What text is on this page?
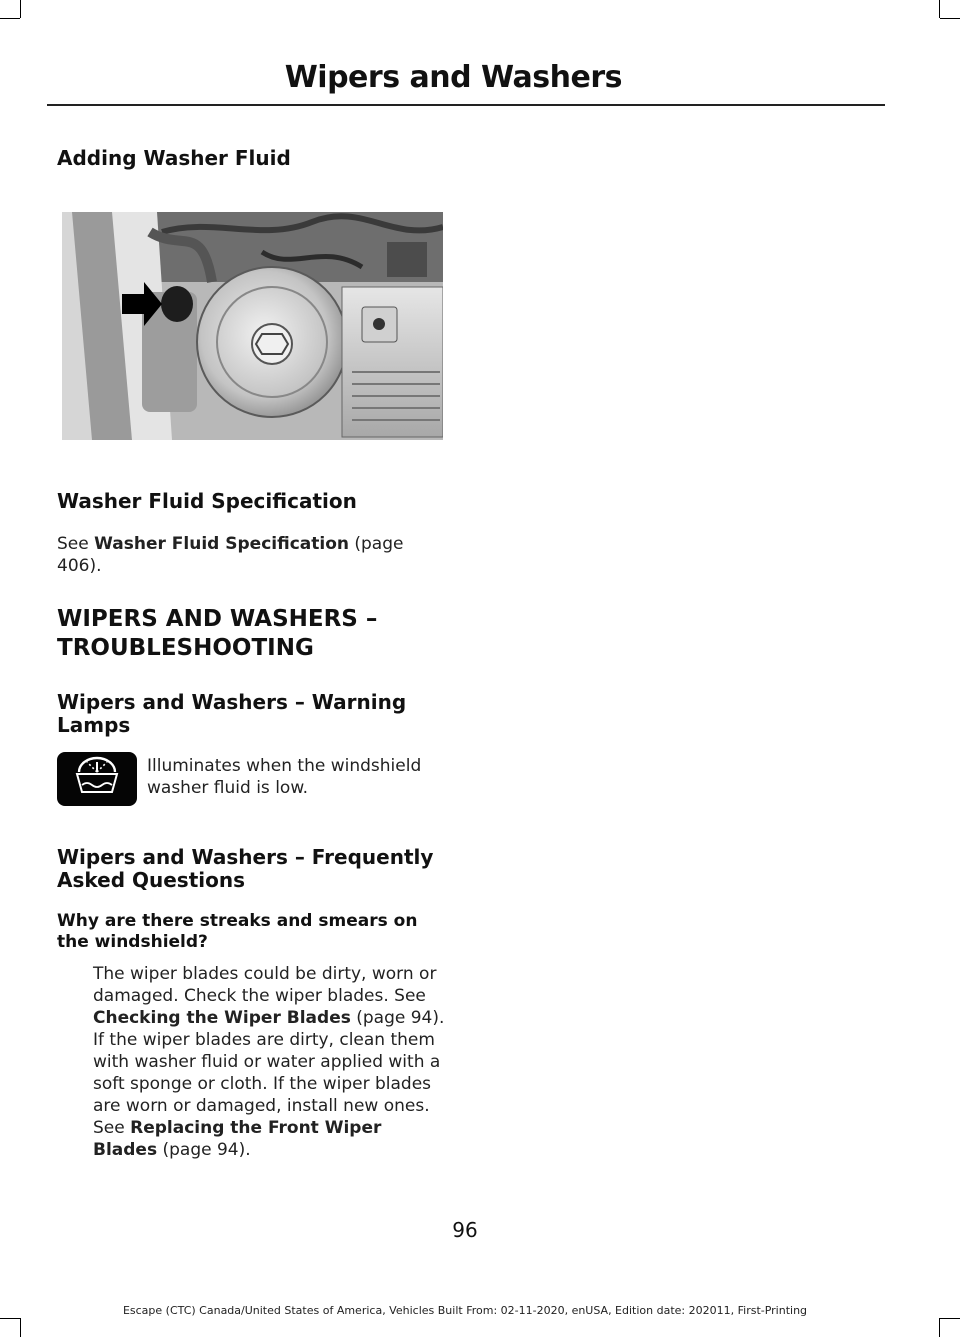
Wipers and Washers
Adding Washer Fluid
Washer Fluid Specification
See Washer Fluid Specification (page 406).
WIPERS AND WASHERS –
TROUBLESHOOTING
Wipers and Washers – Warning Lamps
Illuminates when the windshield washer fluid is low.
Wipers and Washers – Frequently Asked Questions
Why are there streaks and smears on the windshield?
The wiper blades could be dirty, worn or damaged. Check the wiper blades. See Checking the Wiper Blades (page 94). If the wiper blades are dirty, clean them with washer fluid or water applied with a soft sponge or cloth. If the wiper blades are worn or damaged, install new ones. See Replacing the Front Wiper Blades (page 94).
96
Escape (CTC) Canada/United States of America, Vehicles Built From: 02-11-2020, enUSA, Edition date: 202011, First-Printing
